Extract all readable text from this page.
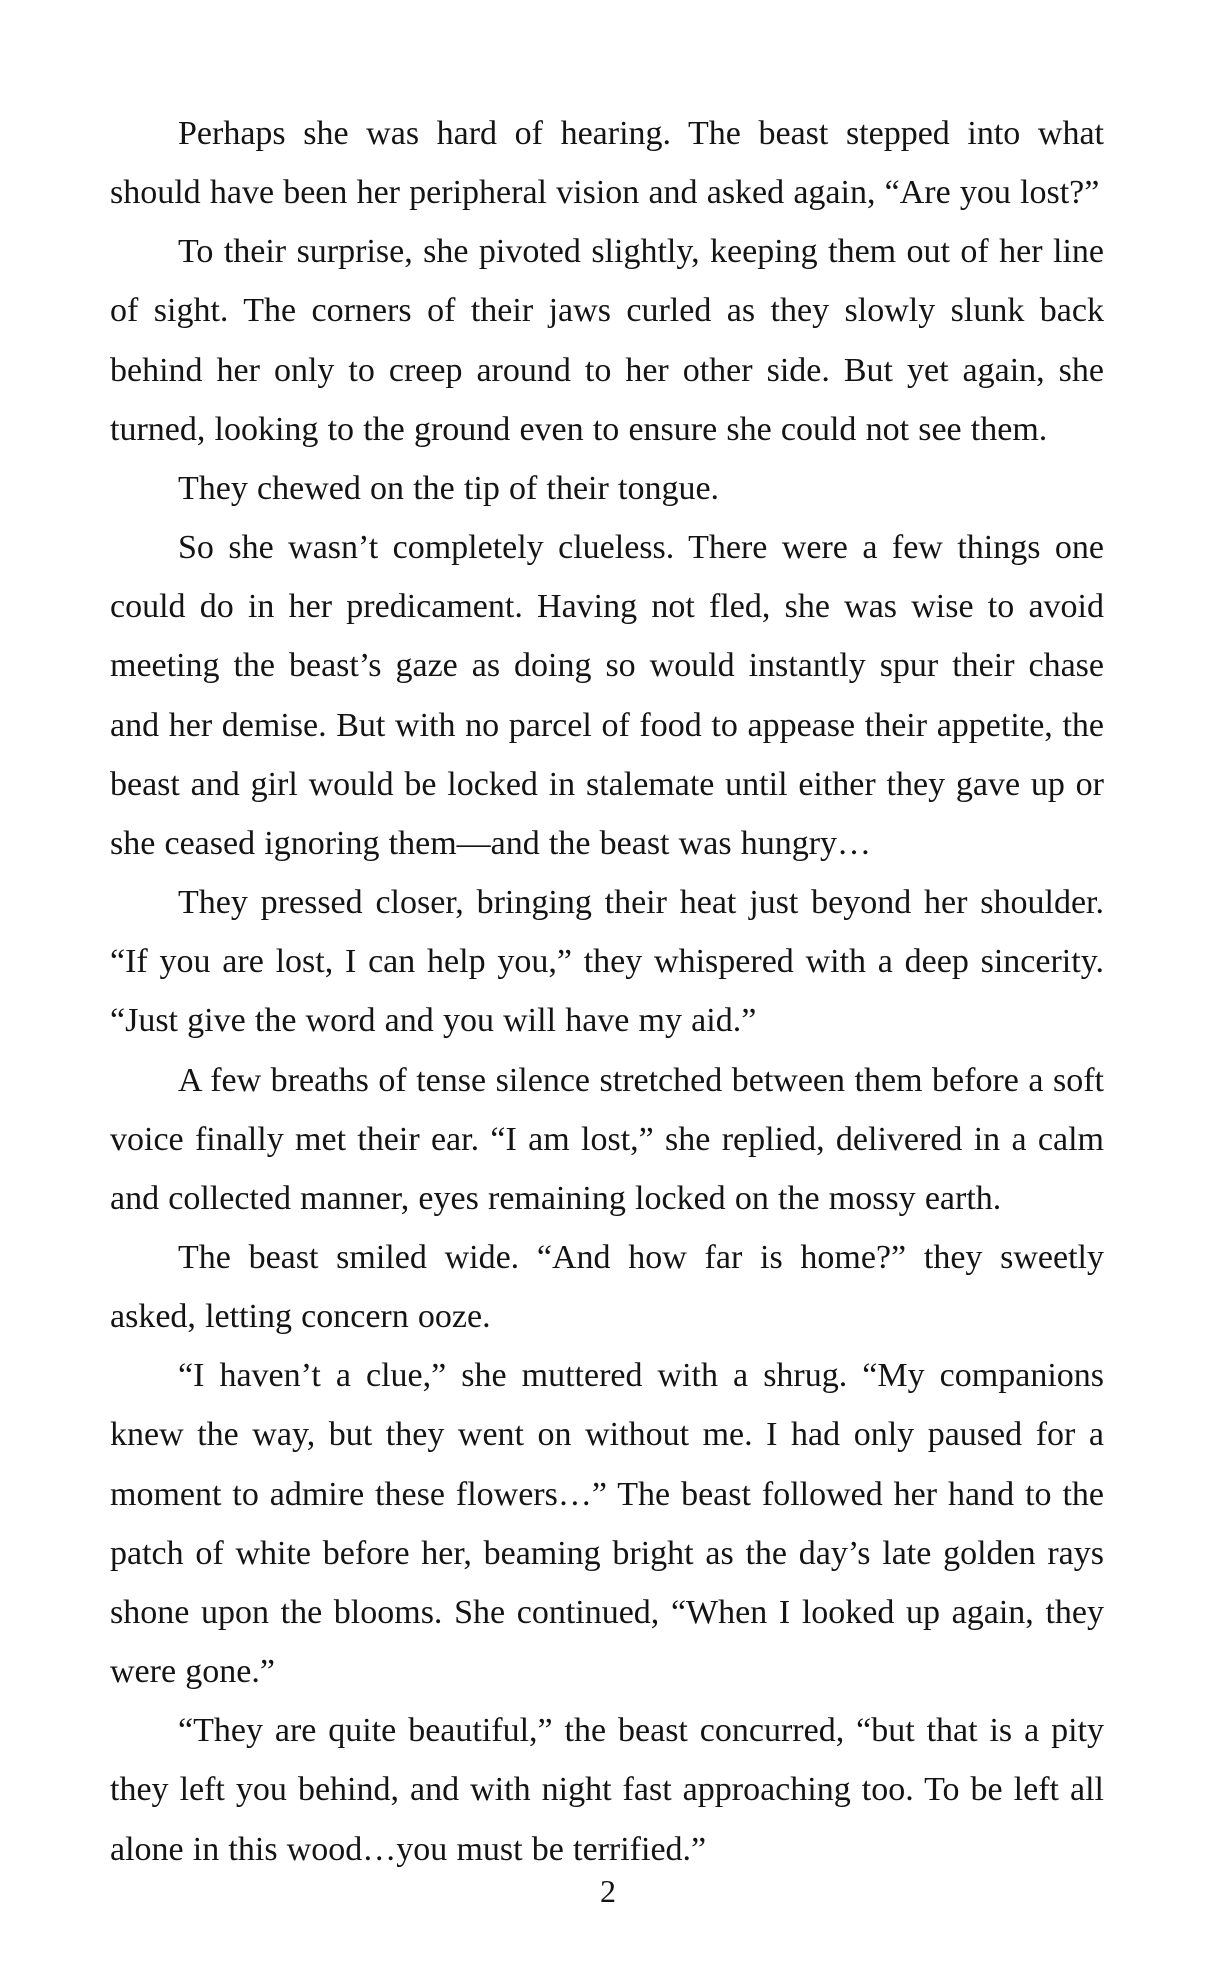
Perhaps she was hard of hearing. The beast stepped into what should have been her peripheral vision and asked again, “Are you lost?”

To their surprise, she pivoted slightly, keeping them out of her line of sight. The corners of their jaws curled as they slowly slunk back behind her only to creep around to her other side. But yet again, she turned, looking to the ground even to ensure she could not see them.

They chewed on the tip of their tongue.

So she wasn’t completely clueless. There were a few things one could do in her predicament. Having not fled, she was wise to avoid meeting the beast’s gaze as doing so would instantly spur their chase and her demise. But with no parcel of food to appease their appetite, the beast and girl would be locked in stalemate until either they gave up or she ceased ignoring them—and the beast was hungry…

They pressed closer, bringing their heat just beyond her shoulder. “If you are lost, I can help you,” they whispered with a deep sincerity. “Just give the word and you will have my aid.”

A few breaths of tense silence stretched between them before a soft voice finally met their ear. “I am lost,” she replied, delivered in a calm and collected manner, eyes remaining locked on the mossy earth.

The beast smiled wide. “And how far is home?” they sweetly asked, letting concern ooze.

“I haven’t a clue,” she muttered with a shrug. “My companions knew the way, but they went on without me. I had only paused for a moment to admire these flowers…” The beast followed her hand to the patch of white before her, beaming bright as the day’s late golden rays shone upon the blooms. She continued, “When I looked up again, they were gone.”

“They are quite beautiful,” the beast concurred, “but that is a pity they left you behind, and with night fast approaching too. To be left all alone in this wood…you must be terrified.”

2
